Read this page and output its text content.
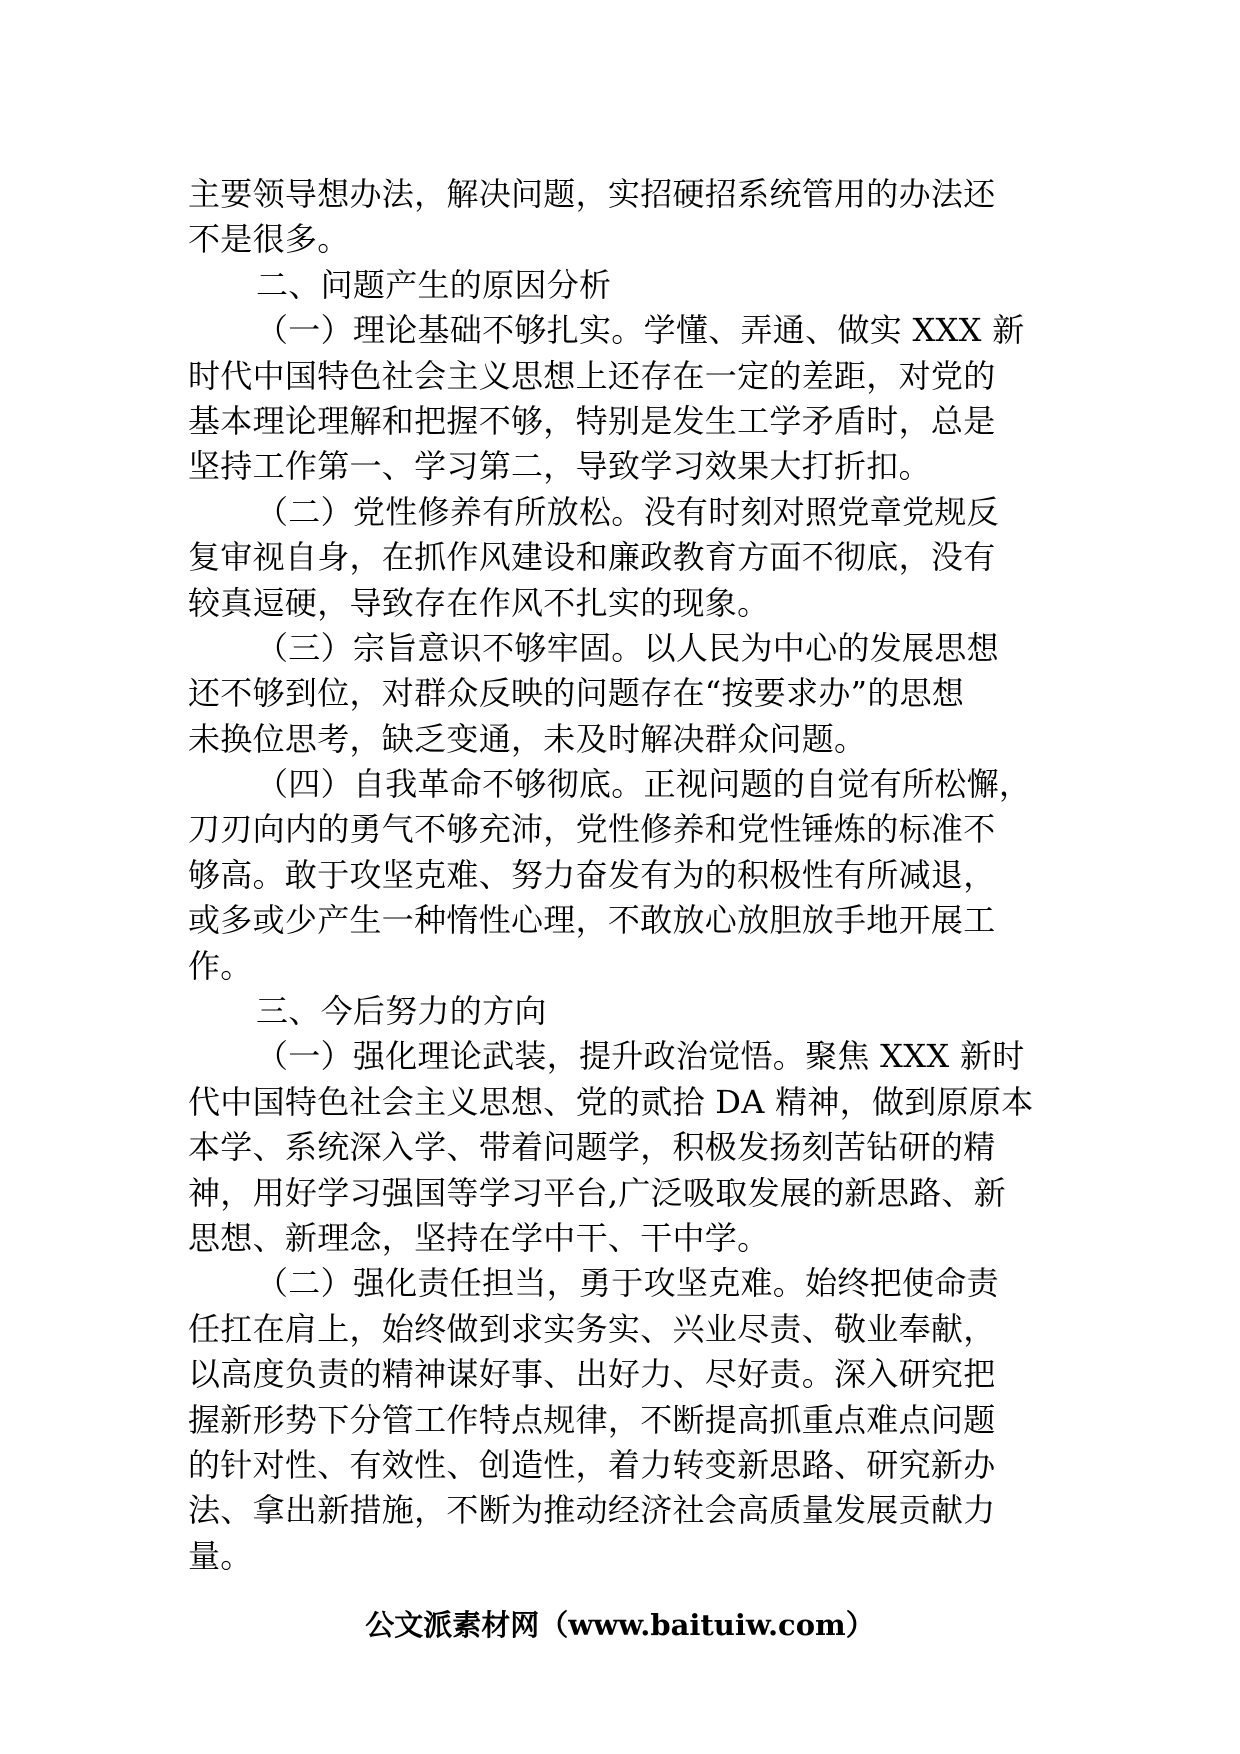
主要领导想办法，解决问题，实招硬招系统管用的办法还
不是很多。
二、问题产生的原因分析
（一）理论基础不够扎实。学懂、弄通、做实 XXX 新
时代中国特色社会主义思想上还存在一定的差距，对党的
基本理论理解和把握不够，特别是发生工学矛盾时，总是
坚持工作第一、学习第二，导致学习效果大打折扣。
（二）党性修养有所放松。没有时刻对照党章党规反
复审视自身，在抓作风建设和廉政教育方面不彻底，没有
较真逗硬，导致存在作风不扎实的现象。
（三）宗旨意识不够牢固。以人民为中心的发展思想
还不够到位，对群众反映的问题存在“按要求办”的思想
未换位思考，缺乏变通，未及时解决群众问题。
（四）自我革命不够彻底。正视问题的自觉有所松懈，
刀刃向内的勇气不够充沛，党性修养和党性锤炼的标准不
够高。敢于攻坚克难、努力奋发有为的积极性有所减退，
或多或少产生一种惰性心理，不敢放心放胆放手地开展工
作。
三、今后努力的方向
（一）强化理论武装，提升政治觉悟。聚焦 XXX 新时
代中国特色社会主义思想、党的贰拾 DA 精神，做到原原本
本学、系统深入学、带着问题学，积极发扬刻苦钻研的精
神，用好学习强国等学习平台,广泛吸取发展的新思路、新
思想、新理念，坚持在学中干、干中学。
（二）强化责任担当，勇于攻坚克难。始终把使命责
任扛在肩上，始终做到求实务实、兴业尽责、敬业奉献，
以高度负责的精神谋好事、出好力、尽好责。深入研究把
握新形势下分管工作特点规律，不断提高抓重点难点问题
的针对性、有效性、创造性，着力转变新思路、研究新办
法、拿出新措施，不断为推动经济社会高质量发展贡献力
量。
公文派素材网（www.baituiw.com）
